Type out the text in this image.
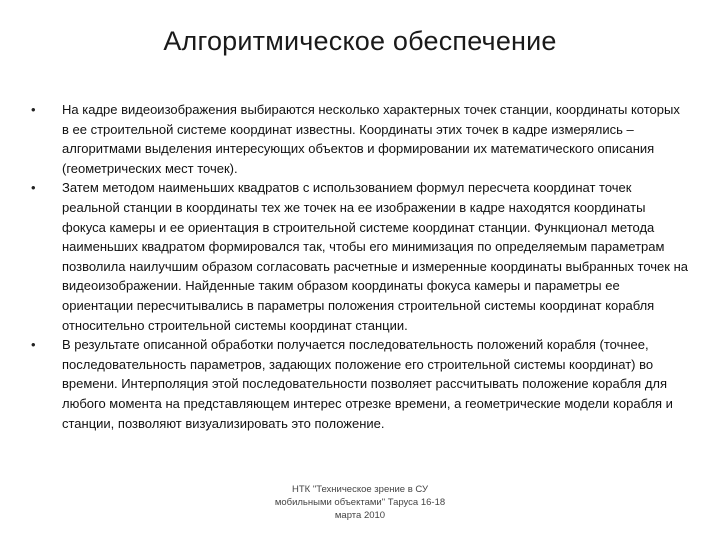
Алгоритмическое обеспечение
• На кадре видеоизображения выбираются несколько характерных точек станции, координаты которых в ее строительной системе координат известны. Координаты этих точек в кадре измерялись – алгоритмами выделения интересующих объектов и формировании их математического описания (геометрических мест точек).
• Затем методом наименьших квадратов с использованием формул пересчета координат точек реальной станции в координаты тех же точек на ее изображении в кадре находятся координаты фокуса камеры и ее ориентация в строительной системе координат станции. Функционал метода наименьших квадратом формировался так, чтобы его минимизация по определяемым параметрам позволила наилучшим образом согласовать расчетные и измеренные координаты выбранных точек на видеоизображении. Найденные таким образом координаты фокуса камеры и параметры ее ориентации пересчитывались в параметры положения строительной системы координат корабля относительно строительной системы координат станции.
• В результате описанной обработки получается последовательность положений корабля (точнее, последовательность параметров, задающих положение его строительной системы координат) во времени. Интерполяция этой последовательности позволяет рассчитывать положение корабля для любого момента на представляющем интерес отрезке времени, а геометрические модели корабля и станции, позволяют визуализировать это положение.
НТК "Техническое зрение в СУ
мобильными объектами" Таруса 16-18
марта 2010
